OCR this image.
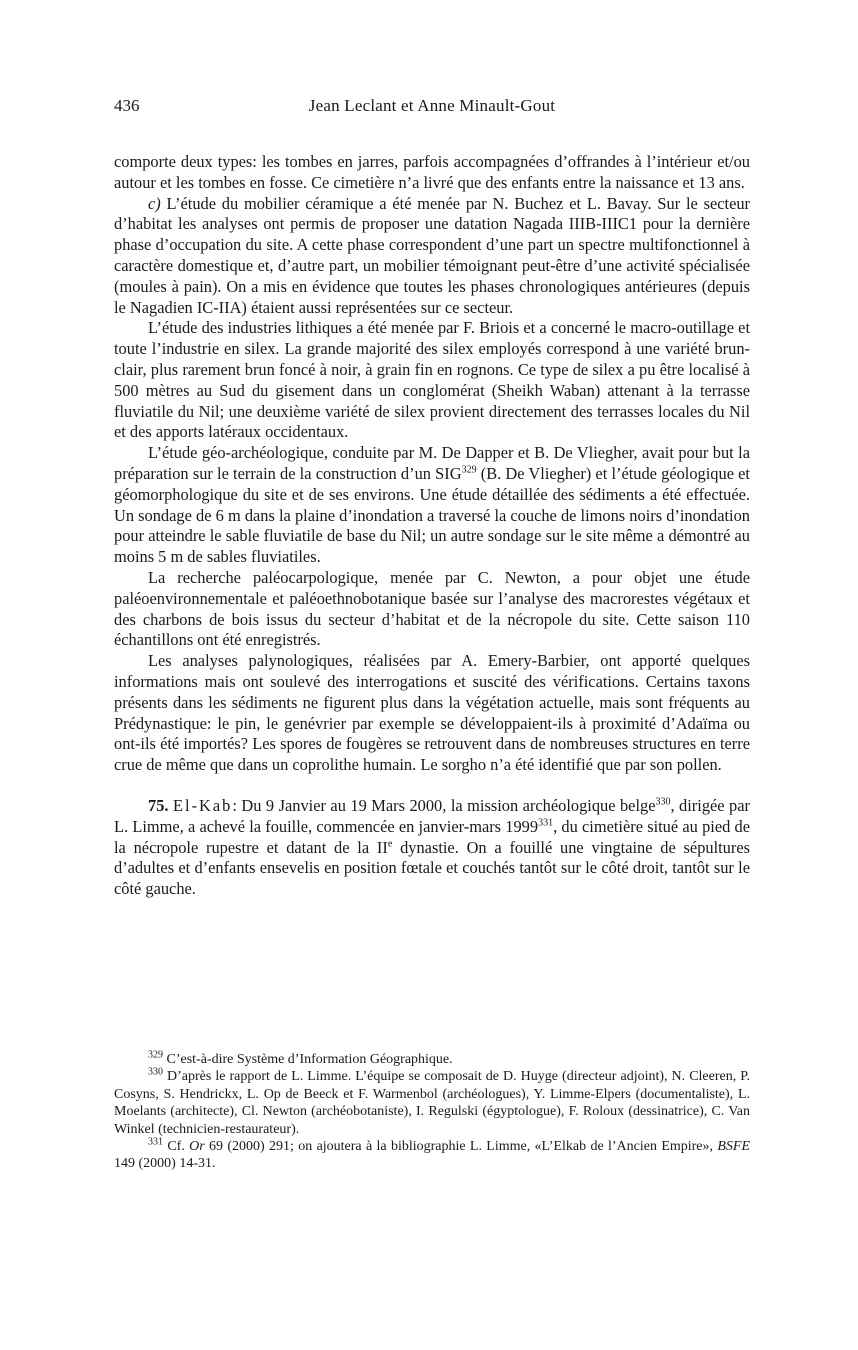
436	Jean Leclant et Anne Minault-Gout

comporte deux types: les tombes en jarres, parfois accompagnées d’offrandes à l’intérieur et/ou autour et les tombes en fosse. Ce cimetière n’a livré que des enfants entre la naissance et 13 ans.

c) L’étude du mobilier céramique a été menée par N. Buchez et L. Bavay. Sur le secteur d’habitat les analyses ont permis de proposer une datation Nagada IIIB-IIIC1 pour la dernière phase d’occupation du site. A cette phase correspondent d’une part un spectre multifonctionnel à caractère domestique et, d’autre part, un mobilier témoignant peut-être d’une activité spécialisée (moules à pain). On a mis en évidence que toutes les phases chronologiques antérieures (depuis le Nagadien IC-IIA) étaient aussi représentées sur ce secteur.

L’étude des industries lithiques a été menée par F. Briois et a concerné le macro-outillage et toute l’industrie en silex. La grande majorité des silex employés correspond à une variété brun-clair, plus rarement brun foncé à noir, à grain fin en rognons. Ce type de silex a pu être localisé à 500 mètres au Sud du gisement dans un conglomérat (Sheikh Waban) attenant à la terrasse fluviatile du Nil; une deuxième variété de silex provient directement des terrasses locales du Nil et des apports latéraux occidentaux.

L’étude géo-archéologique, conduite par M. De Dapper et B. De Vliegher, avait pour but la préparation sur le terrain de la construction d’un SIG$^{329}$ (B. De Vliegher) et l’étude géologique et géomorphologique du site et de ses environs. Une étude détaillée des sédiments a été effectuée. Un sondage de 6 m dans la plaine d’inondation a traversé la couche de limons noirs d’inondation pour atteindre le sable fluviatile de base du Nil; un autre sondage sur le site même a démontré au moins 5 m de sables fluviatiles.

La recherche paléocarpologique, menée par C. Newton, a pour objet une étude paléoenvironnementale et paléoethnobotanique basée sur l’analyse des macrorestes végétaux et des charbons de bois issus du secteur d’habitat et de la nécropole du site. Cette saison 110 échantillons ont été enregistrés.

Les analyses palynologiques, réalisées par A. Emery-Barbier, ont apporté quelques informations mais ont soulevé des interrogations et suscité des vérifications. Certains taxons présents dans les sédiments ne figurent plus dans la végétation actuelle, mais sont fréquents au Prédynastique: le pin, le genévrier par exemple se développaient-ils à proximité d’Adaïma ou ont-ils été importés? Les spores de fougères se retrouvent dans de nombreuses structures en terre crue de même que dans un coprolithe humain. Le sorgho n’a été identifié que par son pollen.

75. El-Kab: Du 9 Janvier au 19 Mars 2000, la mission archéologique belge$^{330}$, dirigée par L. Limme, a achevé la fouille, commencée en janvier-mars 1999$^{331}$, du cimetière situé au pied de la nécropole rupestre et datant de la IIe dynastie. On a fouillé une vingtaine de sépultures d’adultes et d’enfants ensevelis en position fœtale et couchés tantôt sur le côté droit, tantôt sur le côté gauche.

$^{329}$ C’est-à-dire Système d’Information Géographique.

$^{330}$ D’après le rapport de L. Limme. L’équipe se composait de D. Huyge (directeur adjoint), N. Cleeren, P. Cosyns, S. Hendrickx, L. Op de Beeck et F. Warmenbol (archéologues), Y. Limme-Elpers (documentaliste), L. Moelants (architecte), Cl. Newton (archéobotaniste), I. Regulski (égyptologue), F. Roloux (dessinatrice), C. Van Winkel (technicien-restaurateur).

$^{331}$ Cf. Or 69 (2000) 291; on ajoutera à la bibliographie L. Limme, «L’Elkab de l’Ancien Empire», BSFE 149 (2000) 14-31.
